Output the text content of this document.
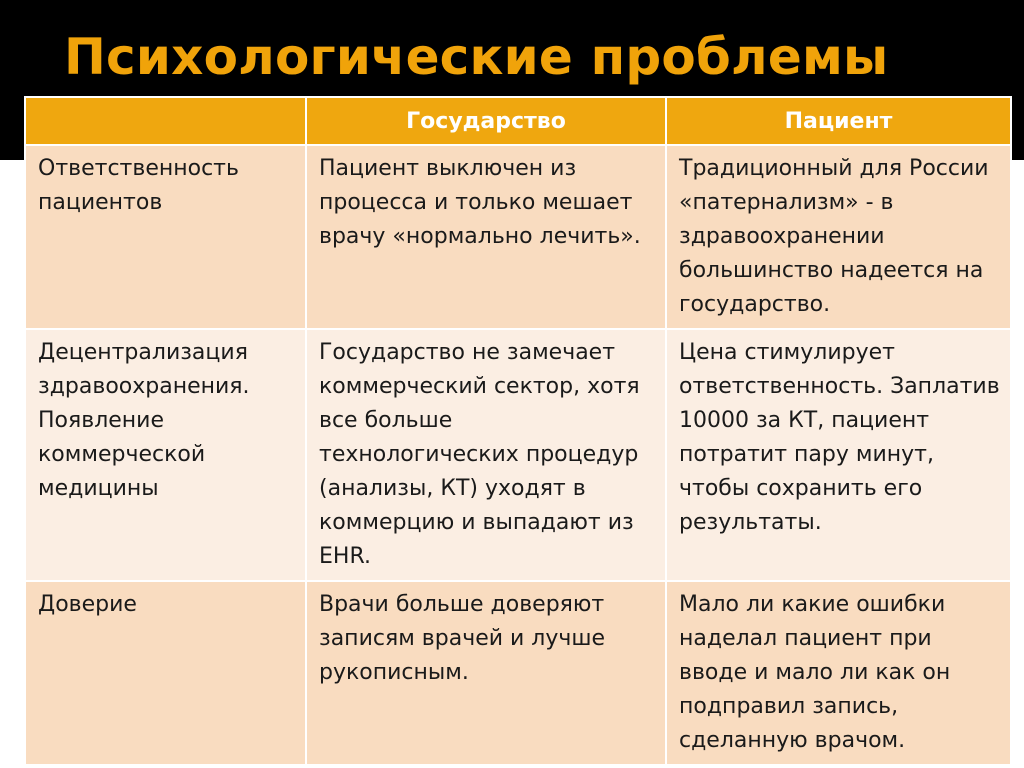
Психологические проблемы
	Государство	Пациент
Ответственность пациентов	Пациент выключен из процесса и только мешает врачу «нормально лечить».	Традиционный для России «патернализм» - в здравоохранении большинство надеется на государство.
Децентрализация здравоохранения. Появление коммерческой медицины	Государство не замечает коммерческий сектор, хотя все больше технологических процедур (анализы, КТ) уходят в коммерцию и выпадают из EHR.	Цена стимулирует ответственность. Заплатив 10000 за КТ, пациент потратит пару минут, чтобы сохранить его результаты.
Доверие	Врачи больше доверяют записям врачей и лучше рукописным.	Мало ли какие ошибки наделал пациент при вводе и мало ли как он подправил запись, сделанную врачом.
